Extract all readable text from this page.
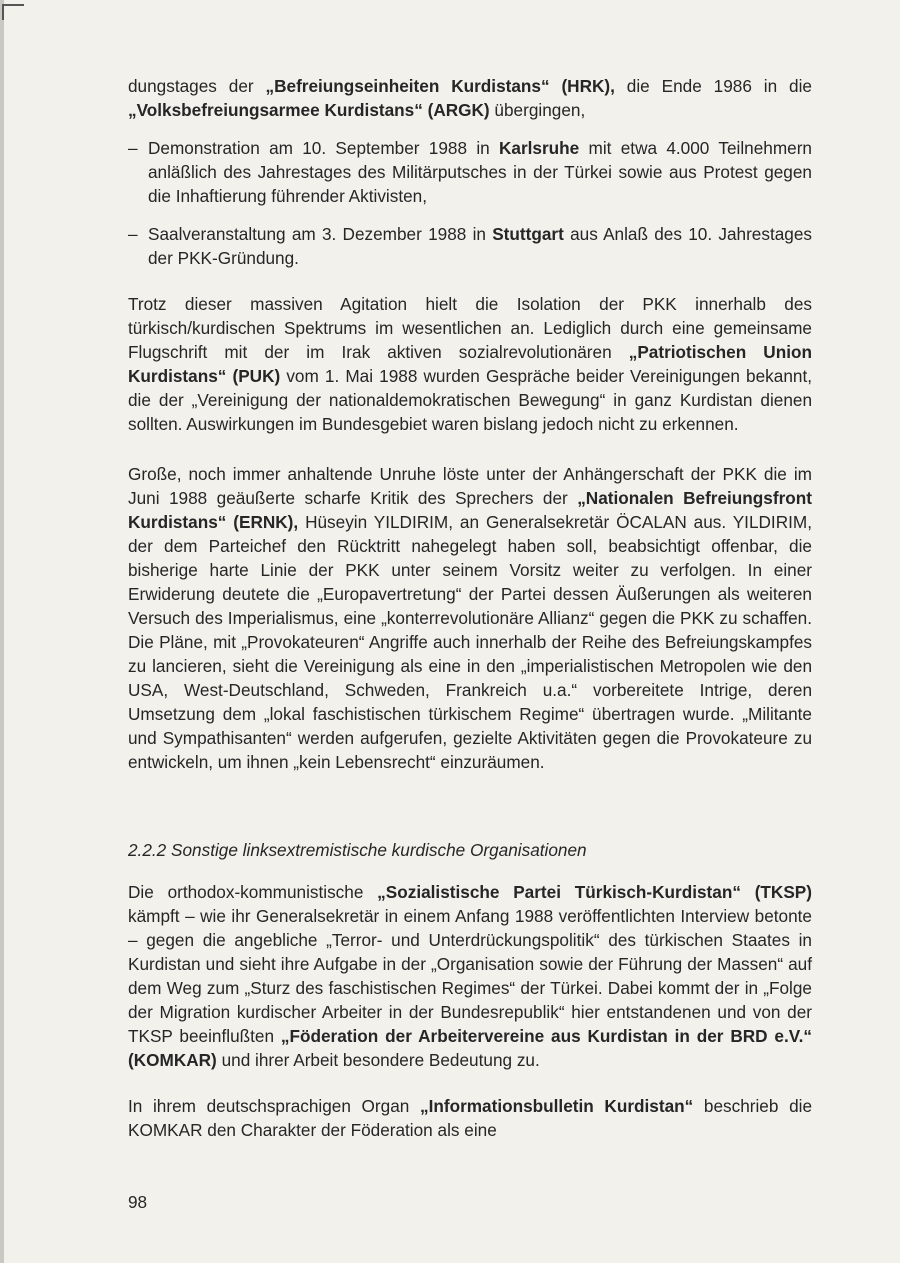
dungstages der „Befreiungseinheiten Kurdistans“ (HRK), die Ende 1986 in die „Volksbefreiungsarmee Kurdistans“ (ARGK) übergingen,

– Demonstration am 10. September 1988 in Karlsruhe mit etwa 4.000 Teilnehmern anläßlich des Jahrestages des Militärputsches in der Türkei sowie aus Protest gegen die Inhaftierung führender Aktivisten,

– Saalveranstaltung am 3. Dezember 1988 in Stuttgart aus Anlaß des 10. Jahrestages der PKK-Gründung.

Trotz dieser massiven Agitation hielt die Isolation der PKK innerhalb des türkisch/kurdischen Spektrums im wesentlichen an. Lediglich durch eine gemeinsame Flugschrift mit der im Irak aktiven sozialrevolutionären „Patriotischen Union Kurdistans“ (PUK) vom 1. Mai 1988 wurden Gespräche beider Vereinigungen bekannt, die der „Vereinigung der nationaldemokratischen Bewegung“ in ganz Kurdistan dienen sollten. Auswirkungen im Bundesgebiet waren bislang jedoch nicht zu erkennen.

Große, noch immer anhaltende Unruhe löste unter der Anhängerschaft der PKK die im Juni 1988 geäußerte scharfe Kritik des Sprechers der „Nationalen Befreiungsfront Kurdistans“ (ERNK), Hüseyin YILDIRIM, an Generalsekretär ÖCALAN aus. YILDIRIM, der dem Parteichef den Rücktritt nahegelegt haben soll, beabsichtigt offenbar, die bisherige harte Linie der PKK unter seinem Vorsitz weiter zu verfolgen. In einer Erwiderung deutete die „Europavertretung“ der Partei dessen Äußerungen als weiteren Versuch des Imperialismus, eine „konterrevolutionäre Allianz“ gegen die PKK zu schaffen. Die Pläne, mit „Provokateuren“ Angriffe auch innerhalb der Reihe des Befreiungskampfes zu lancieren, sieht die Vereinigung als eine in den „imperialistischen Metropolen wie den USA, West-Deutschland, Schweden, Frankreich u.a.“ vorbereitete Intrige, deren Umsetzung dem „lokal faschistischen türkischem Regime“ übertragen wurde. „Militante und Sympathisanten“ werden aufgerufen, gezielte Aktivitäten gegen die Provokateure zu entwickeln, um ihnen „kein Lebensrecht“ einzuräumen.

2.2.2 Sonstige linksextremistische kurdische Organisationen

Die orthodox-kommunistische „Sozialistische Partei Türkisch-Kurdistan“ (TKSP) kämpft – wie ihr Generalsekretär in einem Anfang 1988 veröffentlichten Interview betonte – gegen die angebliche „Terror- und Unterdrückungspolitik“ des türkischen Staates in Kurdistan und sieht ihre Aufgabe in der „Organisation sowie der Führung der Massen“ auf dem Weg zum „Sturz des faschistischen Regimes“ der Türkei. Dabei kommt der in „Folge der Migration kurdischer Arbeiter in der Bundesrepublik“ hier entstandenen und von der TKSP beeinflußten „Föderation der Arbeitervereine aus Kurdistan in der BRD e.V.“ (KOMKAR) und ihrer Arbeit besondere Bedeutung zu.

In ihrem deutschsprachigen Organ „Informationsbulletin Kurdistan“ beschrieb die KOMKAR den Charakter der Föderation als eine

98
